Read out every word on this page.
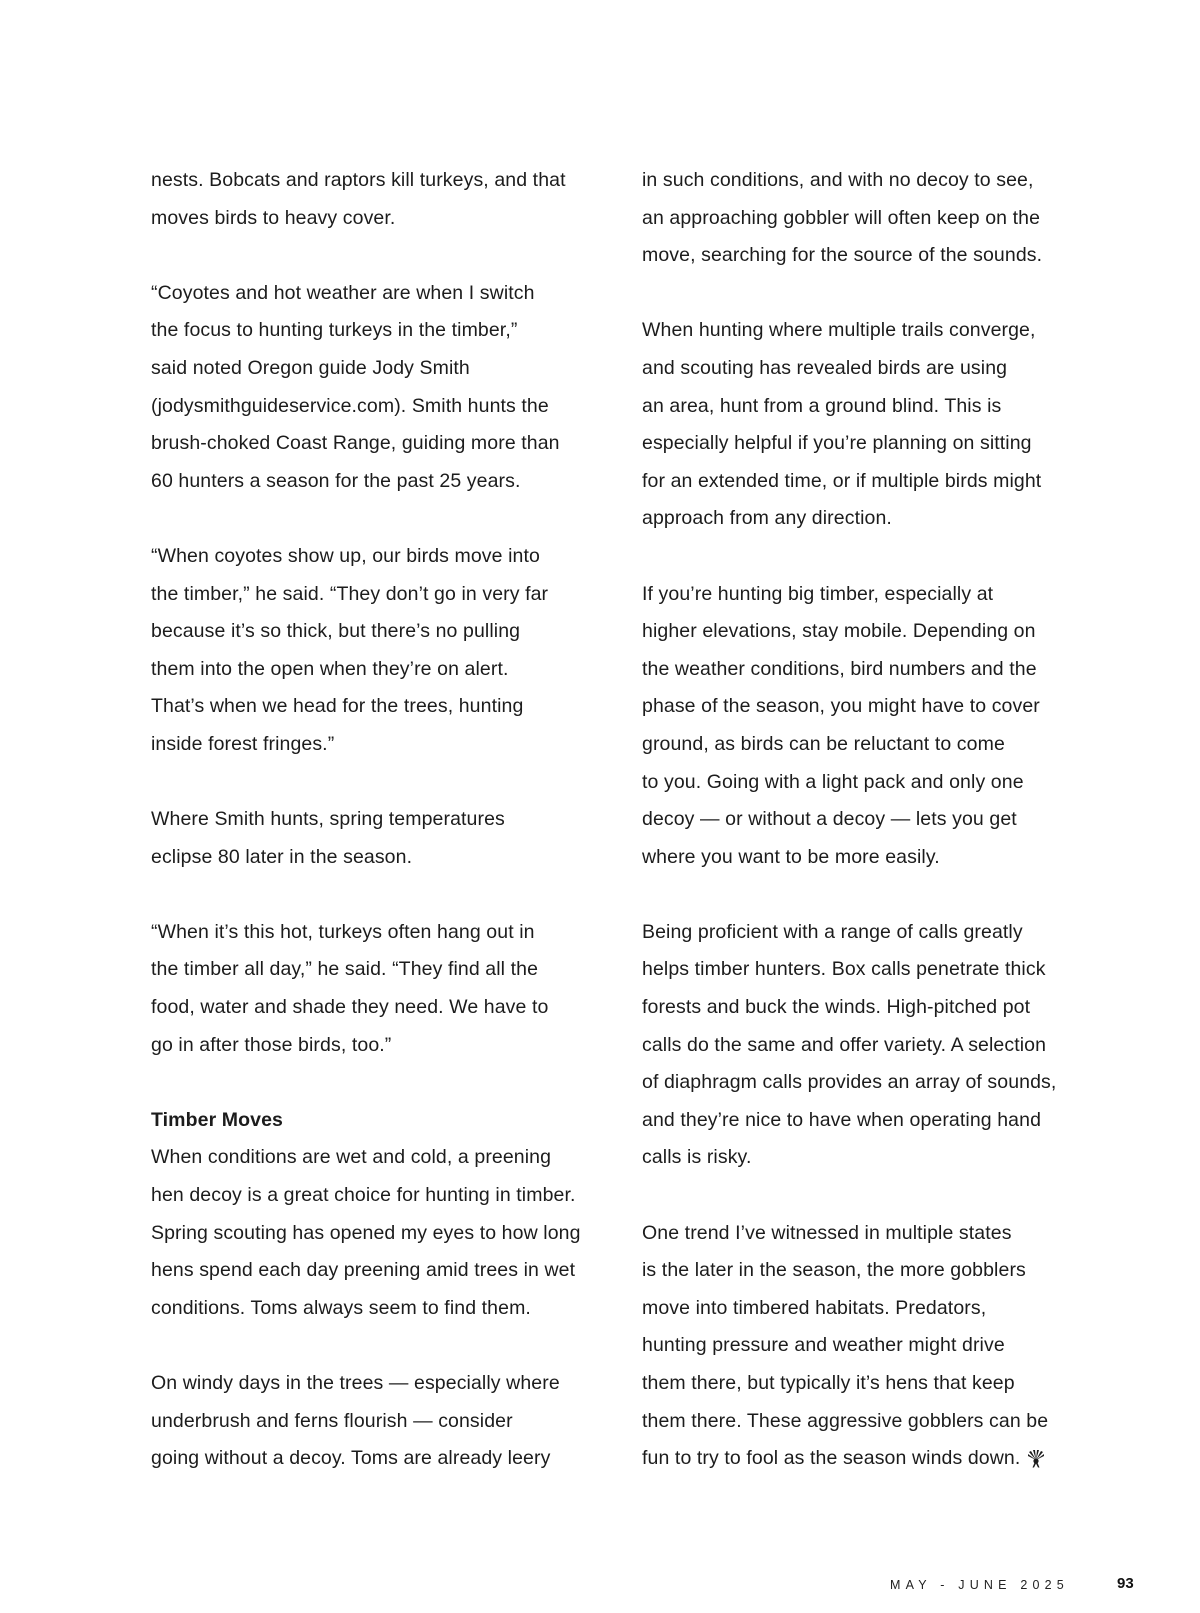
nests. Bobcats and raptors kill turkeys, and that
moves birds to heavy cover.

“Coyotes and hot weather are when I switch
the focus to hunting turkeys in the timber,”
said noted Oregon guide Jody Smith
(jodysmithguideservice.com). Smith hunts the
brush-choked Coast Range, guiding more than
60 hunters a season for the past 25 years.

“When coyotes show up, our birds move into
the timber,” he said. “They don’t go in very far
because it’s so thick, but there’s no pulling
them into the open when they’re on alert.
That’s when we head for the trees, hunting
inside forest fringes.”

Where Smith hunts, spring temperatures
eclipse 80 later in the season.

“When it’s this hot, turkeys often hang out in
the timber all day,” he said. “They find all the
food, water and shade they need. We have to
go in after those birds, too.”

Timber Moves
When conditions are wet and cold, a preening
hen decoy is a great choice for hunting in timber.
Spring scouting has opened my eyes to how long
hens spend each day preening amid trees in wet
conditions. Toms always seem to find them.

On windy days in the trees — especially where
underbrush and ferns flourish — consider
going without a decoy. Toms are already leery

in such conditions, and with no decoy to see,
an approaching gobbler will often keep on the
move, searching for the source of the sounds.

When hunting where multiple trails converge,
and scouting has revealed birds are using
an area, hunt from a ground blind. This is
especially helpful if you’re planning on sitting
for an extended time, or if multiple birds might
approach from any direction.

If you’re hunting big timber, especially at
higher elevations, stay mobile. Depending on
the weather conditions, bird numbers and the
phase of the season, you might have to cover
ground, as birds can be reluctant to come
to you. Going with a light pack and only one
decoy — or without a decoy — lets you get
where you want to be more easily.

Being proficient with a range of calls greatly
helps timber hunters. Box calls penetrate thick
forests and buck the winds. High-pitched pot
calls do the same and offer variety. A selection
of diaphragm calls provides an array of sounds,
and they’re nice to have when operating hand
calls is risky.

One trend I’ve witnessed in multiple states
is the later in the season, the more gobblers
move into timbered habitats. Predators,
hunting pressure and weather might drive
them there, but typically it’s hens that keep
them there. These aggressive gobblers can be
fun to try to fool as the season winds down.

MAY - JUNE 2025	93
